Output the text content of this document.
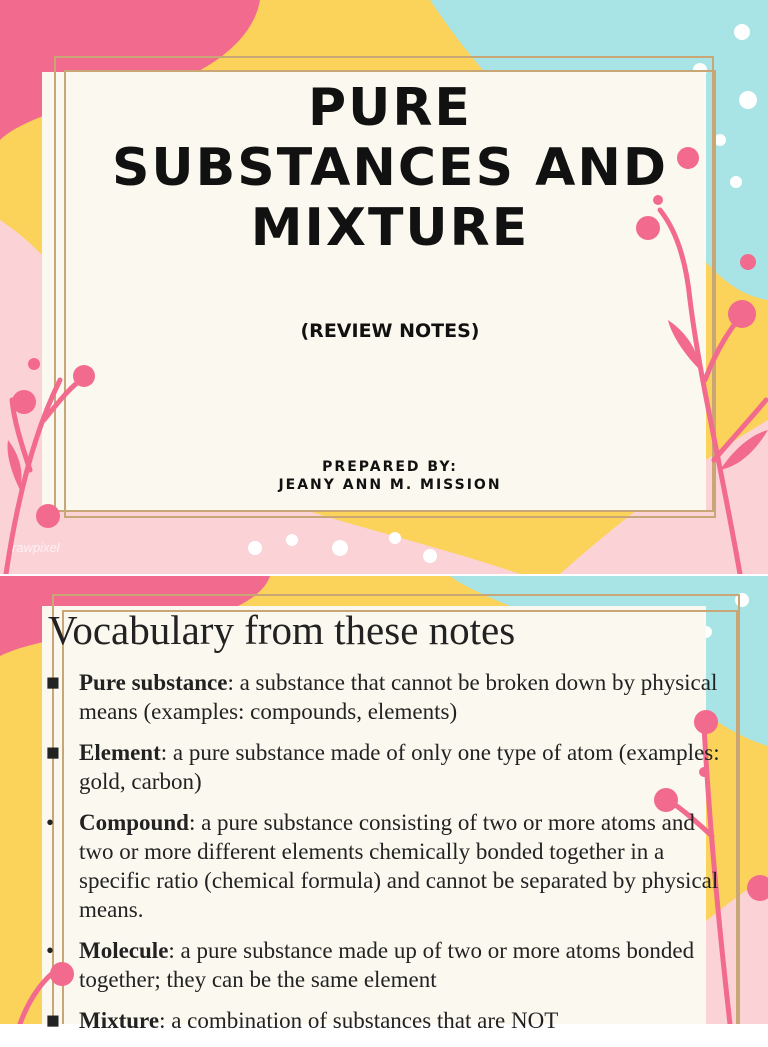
PURE
SUBSTANCES AND
MIXTURE
(REVIEW NOTES)
PREPARED BY:
JEANY ANN M. MISSION
rawpixel
Vocabulary from these notes
■ Pure substance: a substance that cannot be broken down by physical means (examples: compounds, elements)
■ Element: a pure substance made of only one type of atom (examples: gold, carbon)
• Compound: a pure substance consisting of two or more atoms and two or more different elements chemically bonded together in a specific ratio (chemical formula) and cannot be separated by physical means.
• Molecule: a pure substance made up of two or more atoms bonded together; they can be the same element
■ Mixture: a combination of substances that are NOT
